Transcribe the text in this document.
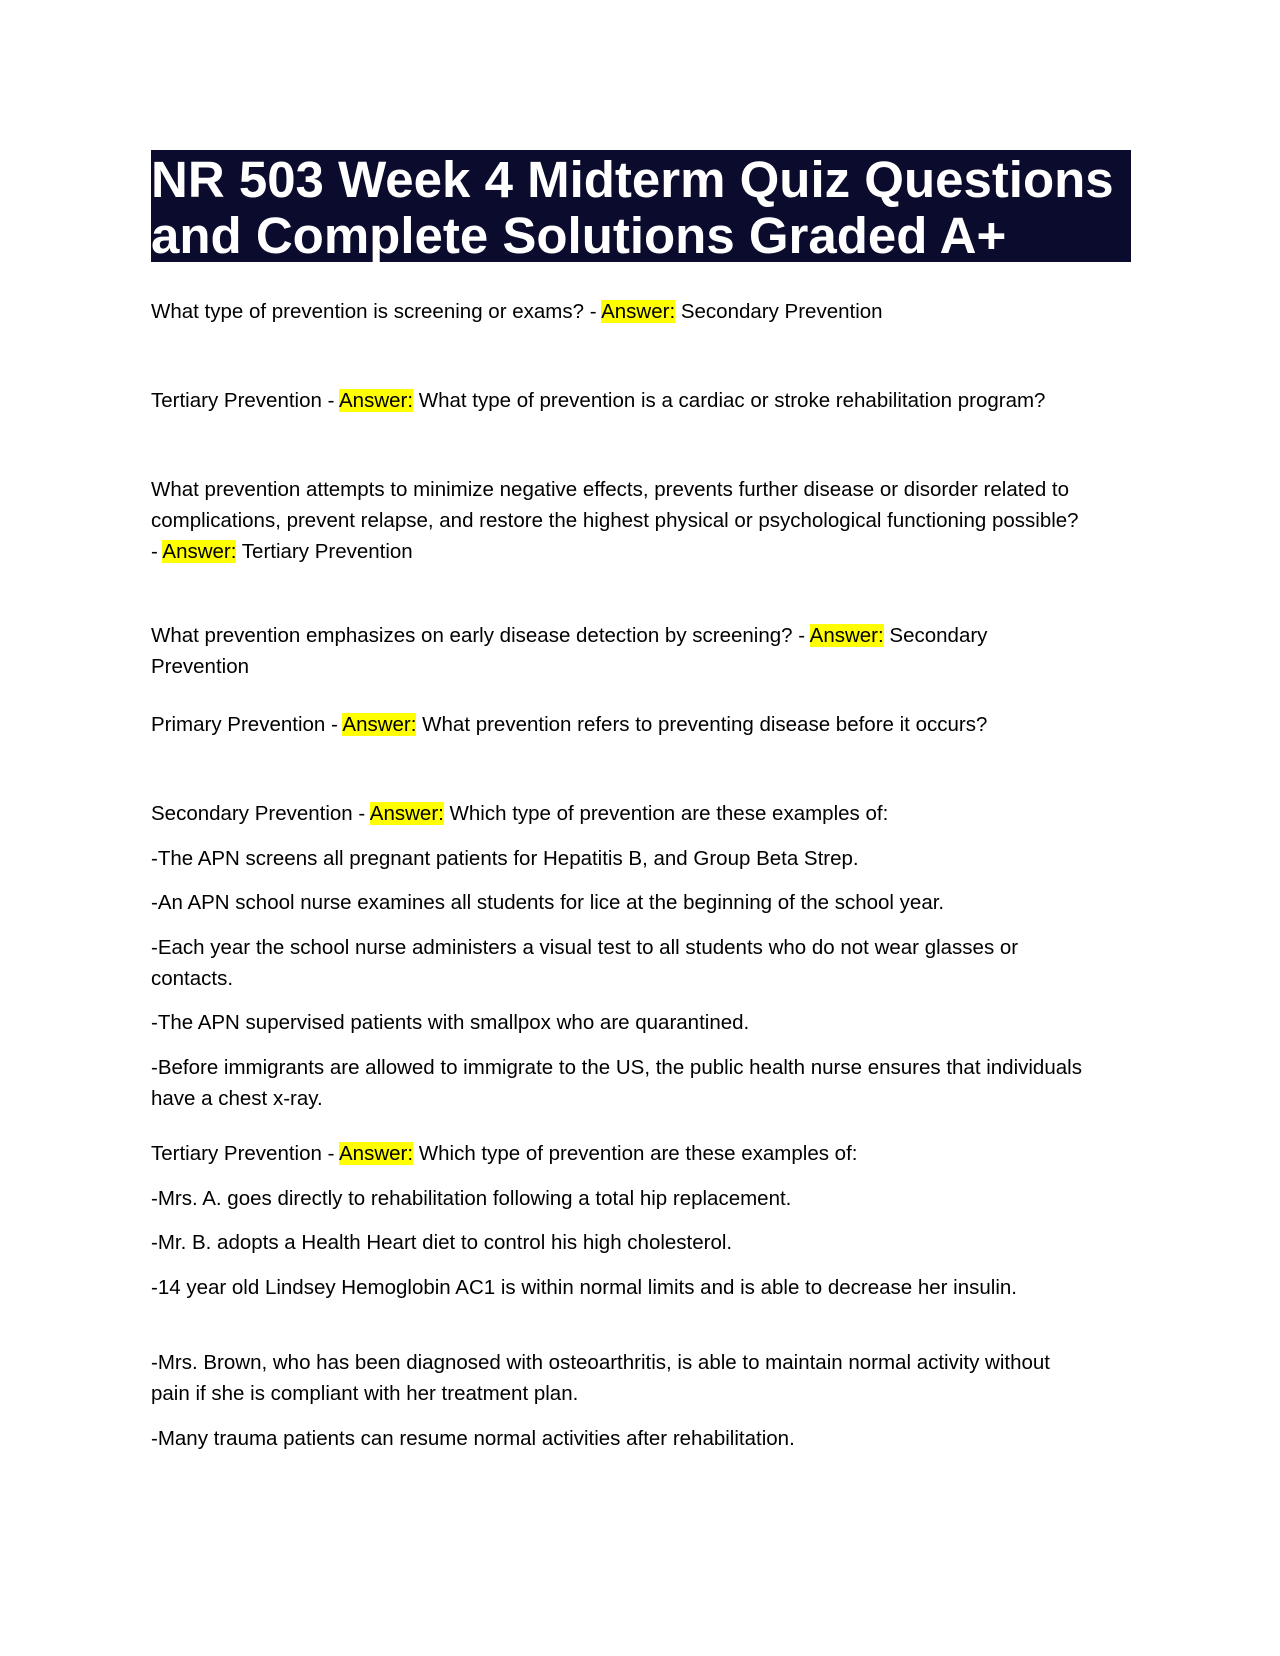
NR 503 Week 4 Midterm Quiz Questions and Complete Solutions Graded A+

What type of prevention is screening or exams? - Answer: Secondary Prevention

Tertiary Prevention - Answer: What type of prevention is a cardiac or stroke rehabilitation program?

What prevention attempts to minimize negative effects, prevents further disease or disorder related to complications, prevent relapse, and restore the highest physical or psychological functioning possible? - Answer: Tertiary Prevention

What prevention emphasizes on early disease detection by screening? - Answer: Secondary Prevention

Primary Prevention - Answer: What prevention refers to preventing disease before it occurs?

Secondary Prevention - Answer: Which type of prevention are these examples of:

-The APN screens all pregnant patients for Hepatitis B, and Group Beta Strep.

-An APN school nurse examines all students for lice at the beginning of the school year.

-Each year the school nurse administers a visual test to all students who do not wear glasses or contacts.

-The APN supervised patients with smallpox who are quarantined.

-Before immigrants are allowed to immigrate to the US, the public health nurse ensures that individuals have a chest x-ray.

Tertiary Prevention - Answer: Which type of prevention are these examples of:

-Mrs. A. goes directly to rehabilitation following a total hip replacement.

-Mr. B. adopts a Health Heart diet to control his high cholesterol.

-14 year old Lindsey Hemoglobin AC1 is within normal limits and is able to decrease her insulin.

-Mrs. Brown, who has been diagnosed with osteoarthritis, is able to maintain normal activity without pain if she is compliant with her treatment plan.

-Many trauma patients can resume normal activities after rehabilitation.
